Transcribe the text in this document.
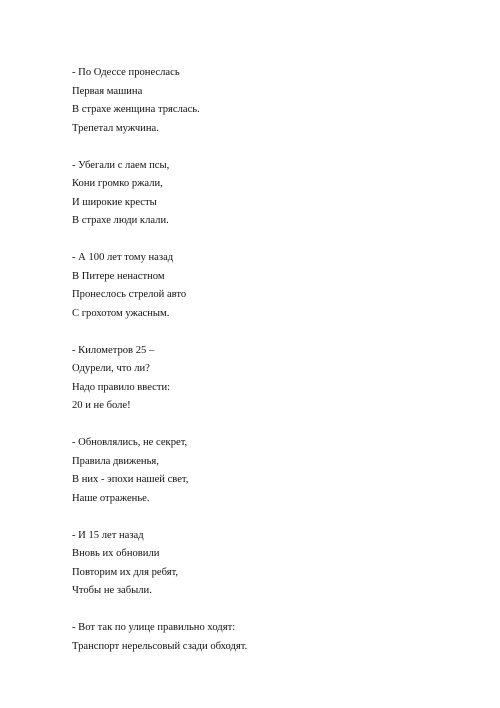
- По Одессе пронеслась
Первая машина
В страхе женщина тряслась.
Трепетал мужчина.
- Убегали с лаем псы,
Кони громко ржали,
И широкие кресты
В страхе люди клали.
- А 100 лет тому назад
В Питере ненастном
Пронеслось стрелой авто
С грохотом ужасным.
- Километров 25 –
Одурели, что ли?
Надо правило ввести:
20 и не боле!
- Обновлялись, не секрет,
Правила движенья,
В них - эпохи нашей свет,
Наше отраженье.
- И 15 лет назад
Вновь их обновили
Повторим их для ребят,
Чтобы не забыли.
- Вот так по улице правильно ходят:
Транспорт нерельсовый сзади обходят.
